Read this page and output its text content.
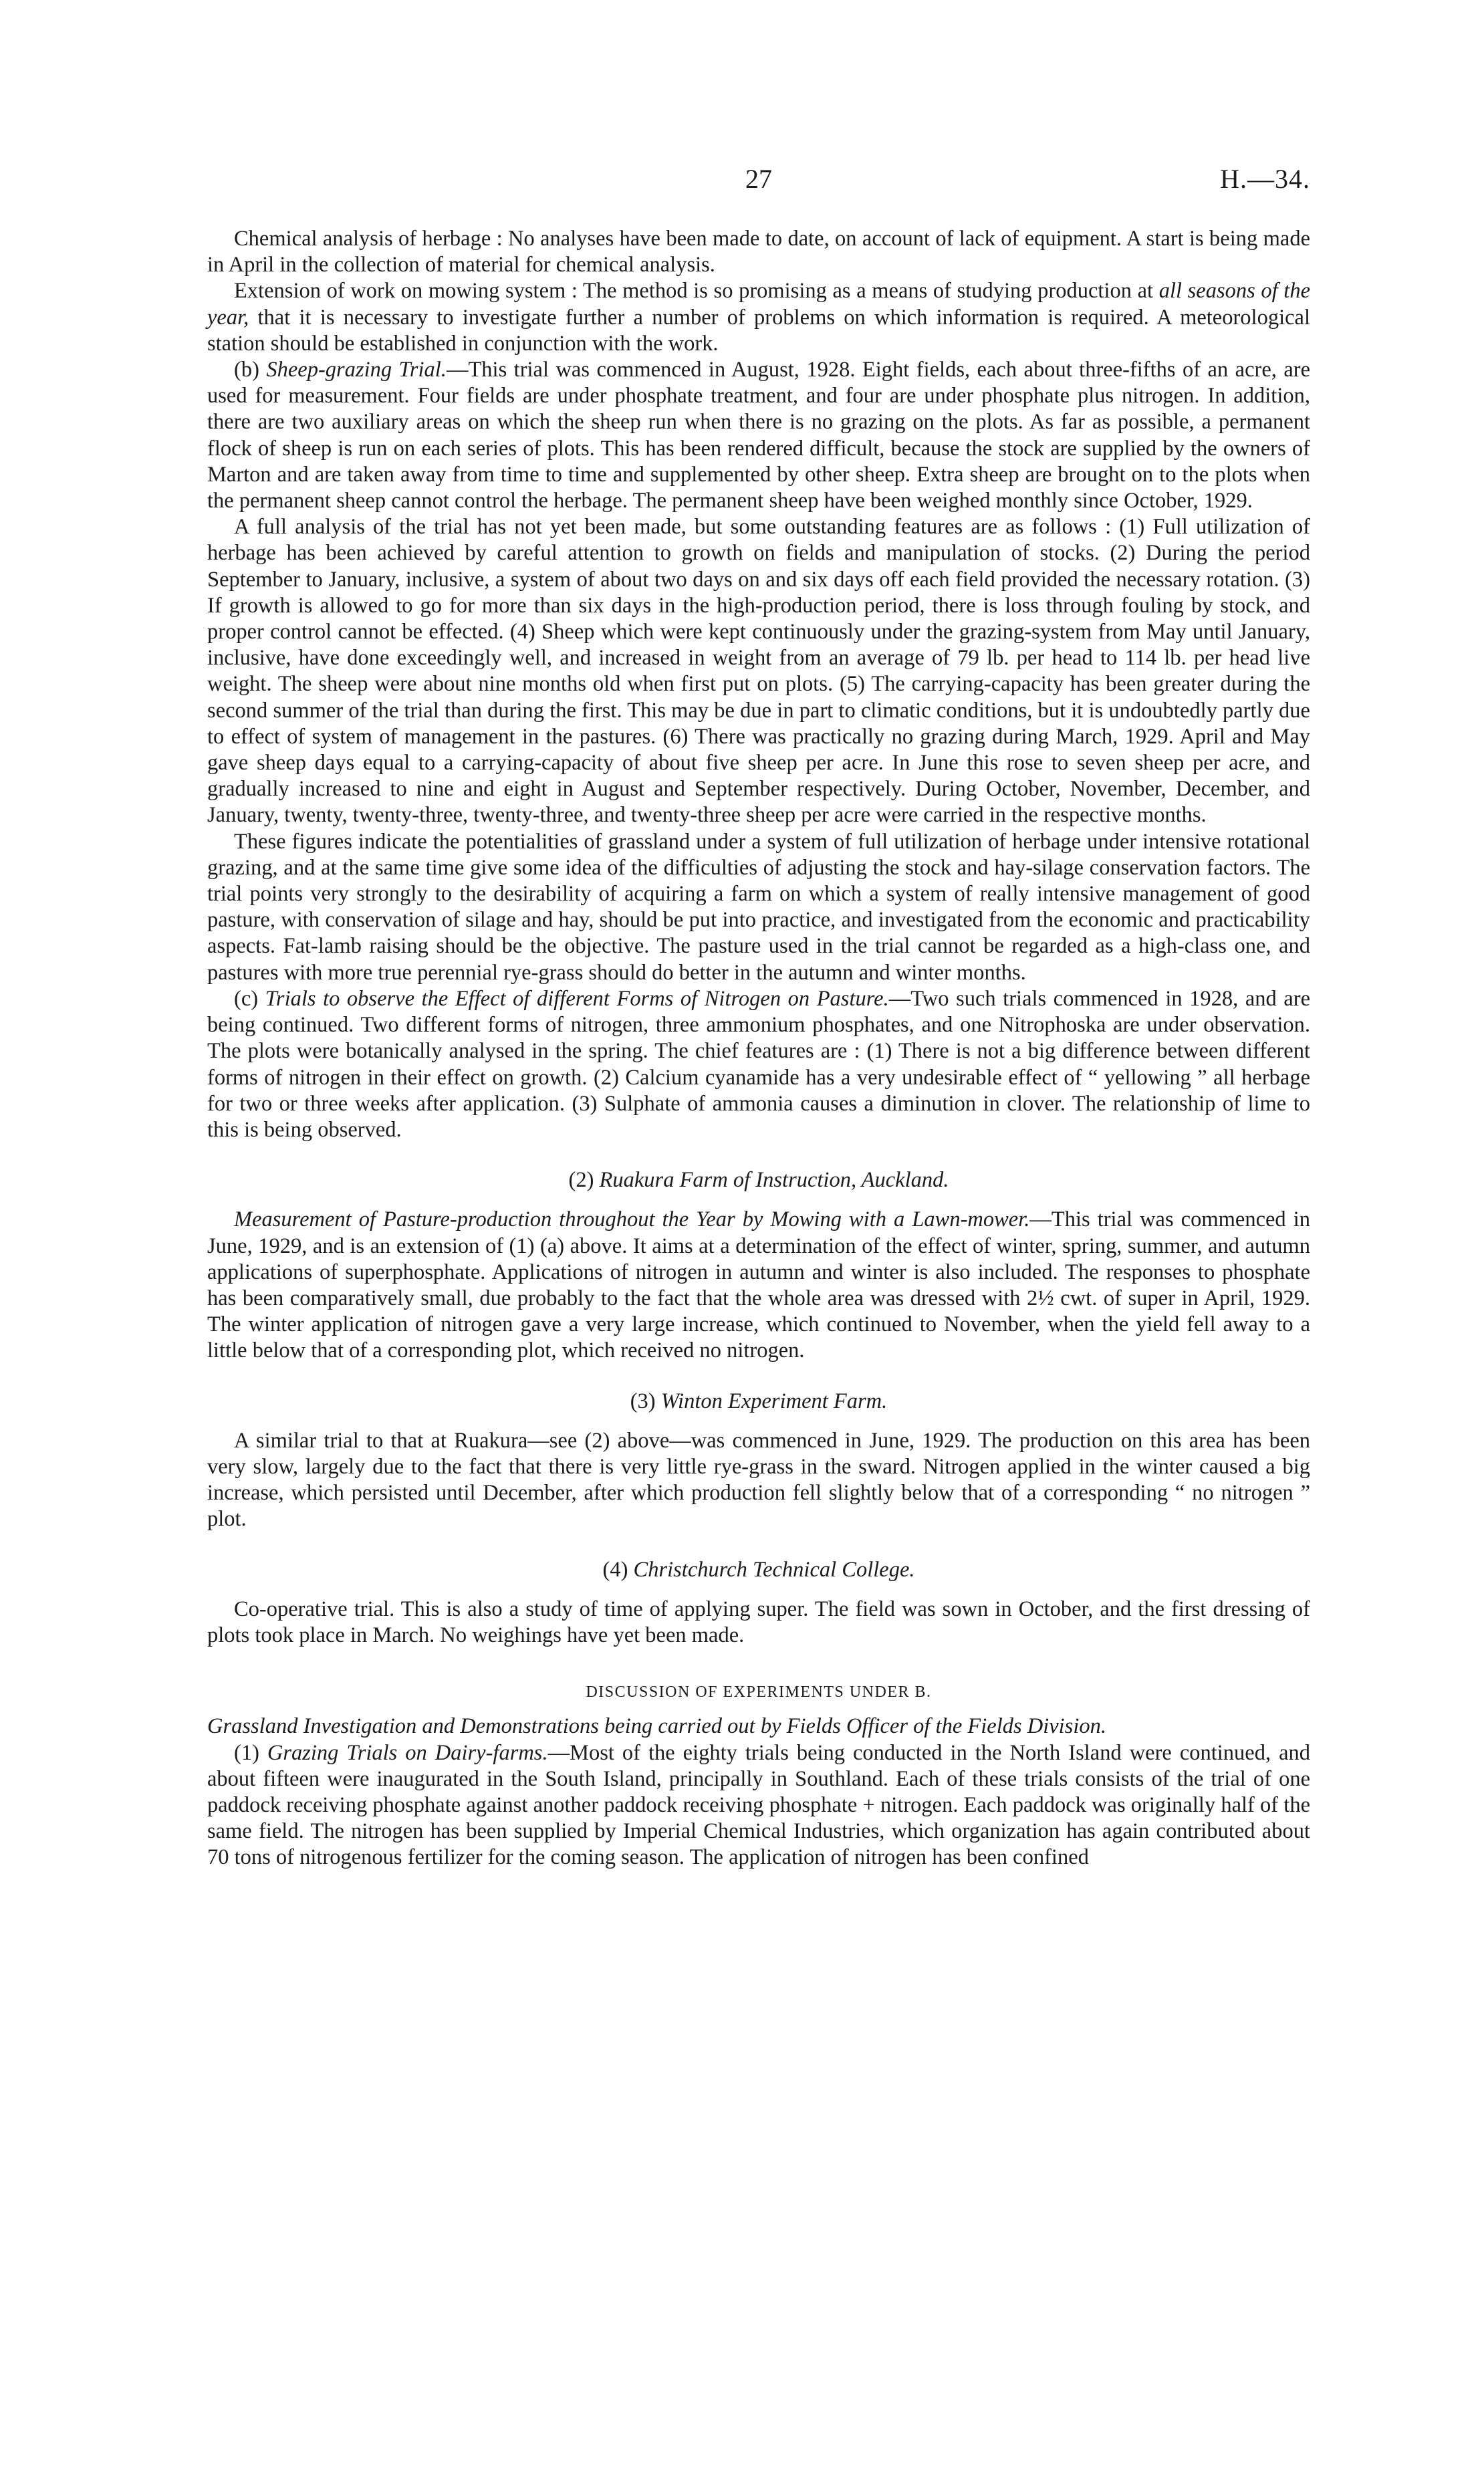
27	H.—34.

Chemical analysis of herbage : No analyses have been made to date, on account of lack of equipment. A start is being made in April in the collection of material for chemical analysis.

Extension of work on mowing system : The method is so promising as a means of studying production at all seasons of the year, that it is necessary to investigate further a number of problems on which information is required. A meteorological station should be established in conjunction with the work.

(b) Sheep-grazing Trial.—This trial was commenced in August, 1928. Eight fields, each about three-fifths of an acre, are used for measurement. Four fields are under phosphate treatment, and four are under phosphate plus nitrogen. In addition, there are two auxiliary areas on which the sheep run when there is no grazing on the plots. As far as possible, a permanent flock of sheep is run on each series of plots. This has been rendered difficult, because the stock are supplied by the owners of Marton and are taken away from time to time and supplemented by other sheep. Extra sheep are brought on to the plots when the permanent sheep cannot control the herbage. The permanent sheep have been weighed monthly since October, 1929.

A full analysis of the trial has not yet been made, but some outstanding features are as follows : (1) Full utilization of herbage has been achieved by careful attention to growth on fields and manipulation of stocks. (2) During the period September to January, inclusive, a system of about two days on and six days off each field provided the necessary rotation. (3) If growth is allowed to go for more than six days in the high-production period, there is loss through fouling by stock, and proper control cannot be effected. (4) Sheep which were kept continuously under the grazing-system from May until January, inclusive, have done exceedingly well, and increased in weight from an average of 79 lb. per head to 114 lb. per head live weight. The sheep were about nine months old when first put on plots. (5) The carrying-capacity has been greater during the second summer of the trial than during the first. This may be due in part to climatic conditions, but it is undoubtedly partly due to effect of system of management in the pastures. (6) There was practically no grazing during March, 1929. April and May gave sheep days equal to a carrying-capacity of about five sheep per acre. In June this rose to seven sheep per acre, and gradually increased to nine and eight in August and September respectively. During October, November, December, and January, twenty, twenty-three, twenty-three, and twenty-three sheep per acre were carried in the respective months.

These figures indicate the potentialities of grassland under a system of full utilization of herbage under intensive rotational grazing, and at the same time give some idea of the difficulties of adjusting the stock and hay-silage conservation factors. The trial points very strongly to the desirability of acquiring a farm on which a system of really intensive management of good pasture, with conservation of silage and hay, should be put into practice, and investigated from the economic and practicability aspects. Fat-lamb raising should be the objective. The pasture used in the trial cannot be regarded as a high-class one, and pastures with more true perennial rye-grass should do better in the autumn and winter months.

(c) Trials to observe the Effect of different Forms of Nitrogen on Pasture.—Two such trials commenced in 1928, and are being continued. Two different forms of nitrogen, three ammonium phosphates, and one Nitrophoska are under observation. The plots were botanically analysed in the spring. The chief features are : (1) There is not a big difference between different forms of nitrogen in their effect on growth. (2) Calcium cyanamide has a very undesirable effect of “ yellowing ” all herbage for two or three weeks after application. (3) Sulphate of ammonia causes a diminution in clover. The relationship of lime to this is being observed.

(2) Ruakura Farm of Instruction, Auckland.

Measurement of Pasture-production throughout the Year by Mowing with a Lawn-mower.—This trial was commenced in June, 1929, and is an extension of (1) (a) above. It aims at a determination of the effect of winter, spring, summer, and autumn applications of superphosphate. Applications of nitrogen in autumn and winter is also included. The responses to phosphate has been comparatively small, due probably to the fact that the whole area was dressed with 2½ cwt. of super in April, 1929. The winter application of nitrogen gave a very large increase, which continued to November, when the yield fell away to a little below that of a corresponding plot, which received no nitrogen.

(3) Winton Experiment Farm.

A similar trial to that at Ruakura—see (2) above—was commenced in June, 1929. The production on this area has been very slow, largely due to the fact that there is very little rye-grass in the sward. Nitrogen applied in the winter caused a big increase, which persisted until December, after which production fell slightly below that of a corresponding “ no nitrogen ” plot.

(4) Christchurch Technical College.

Co-operative trial. This is also a study of time of applying super. The field was sown in October, and the first dressing of plots took place in March. No weighings have yet been made.

DISCUSSION OF EXPERIMENTS UNDER B.

Grassland Investigation and Demonstrations being carried out by Fields Officer of the Fields Division.

(1) Grazing Trials on Dairy-farms.—Most of the eighty trials being conducted in the North Island were continued, and about fifteen were inaugurated in the South Island, principally in Southland. Each of these trials consists of the trial of one paddock receiving phosphate against another paddock receiving phosphate + nitrogen. Each paddock was originally half of the same field. The nitrogen has been supplied by Imperial Chemical Industries, which organization has again contributed about 70 tons of nitrogenous fertilizer for the coming season. The application of nitrogen has been confined
